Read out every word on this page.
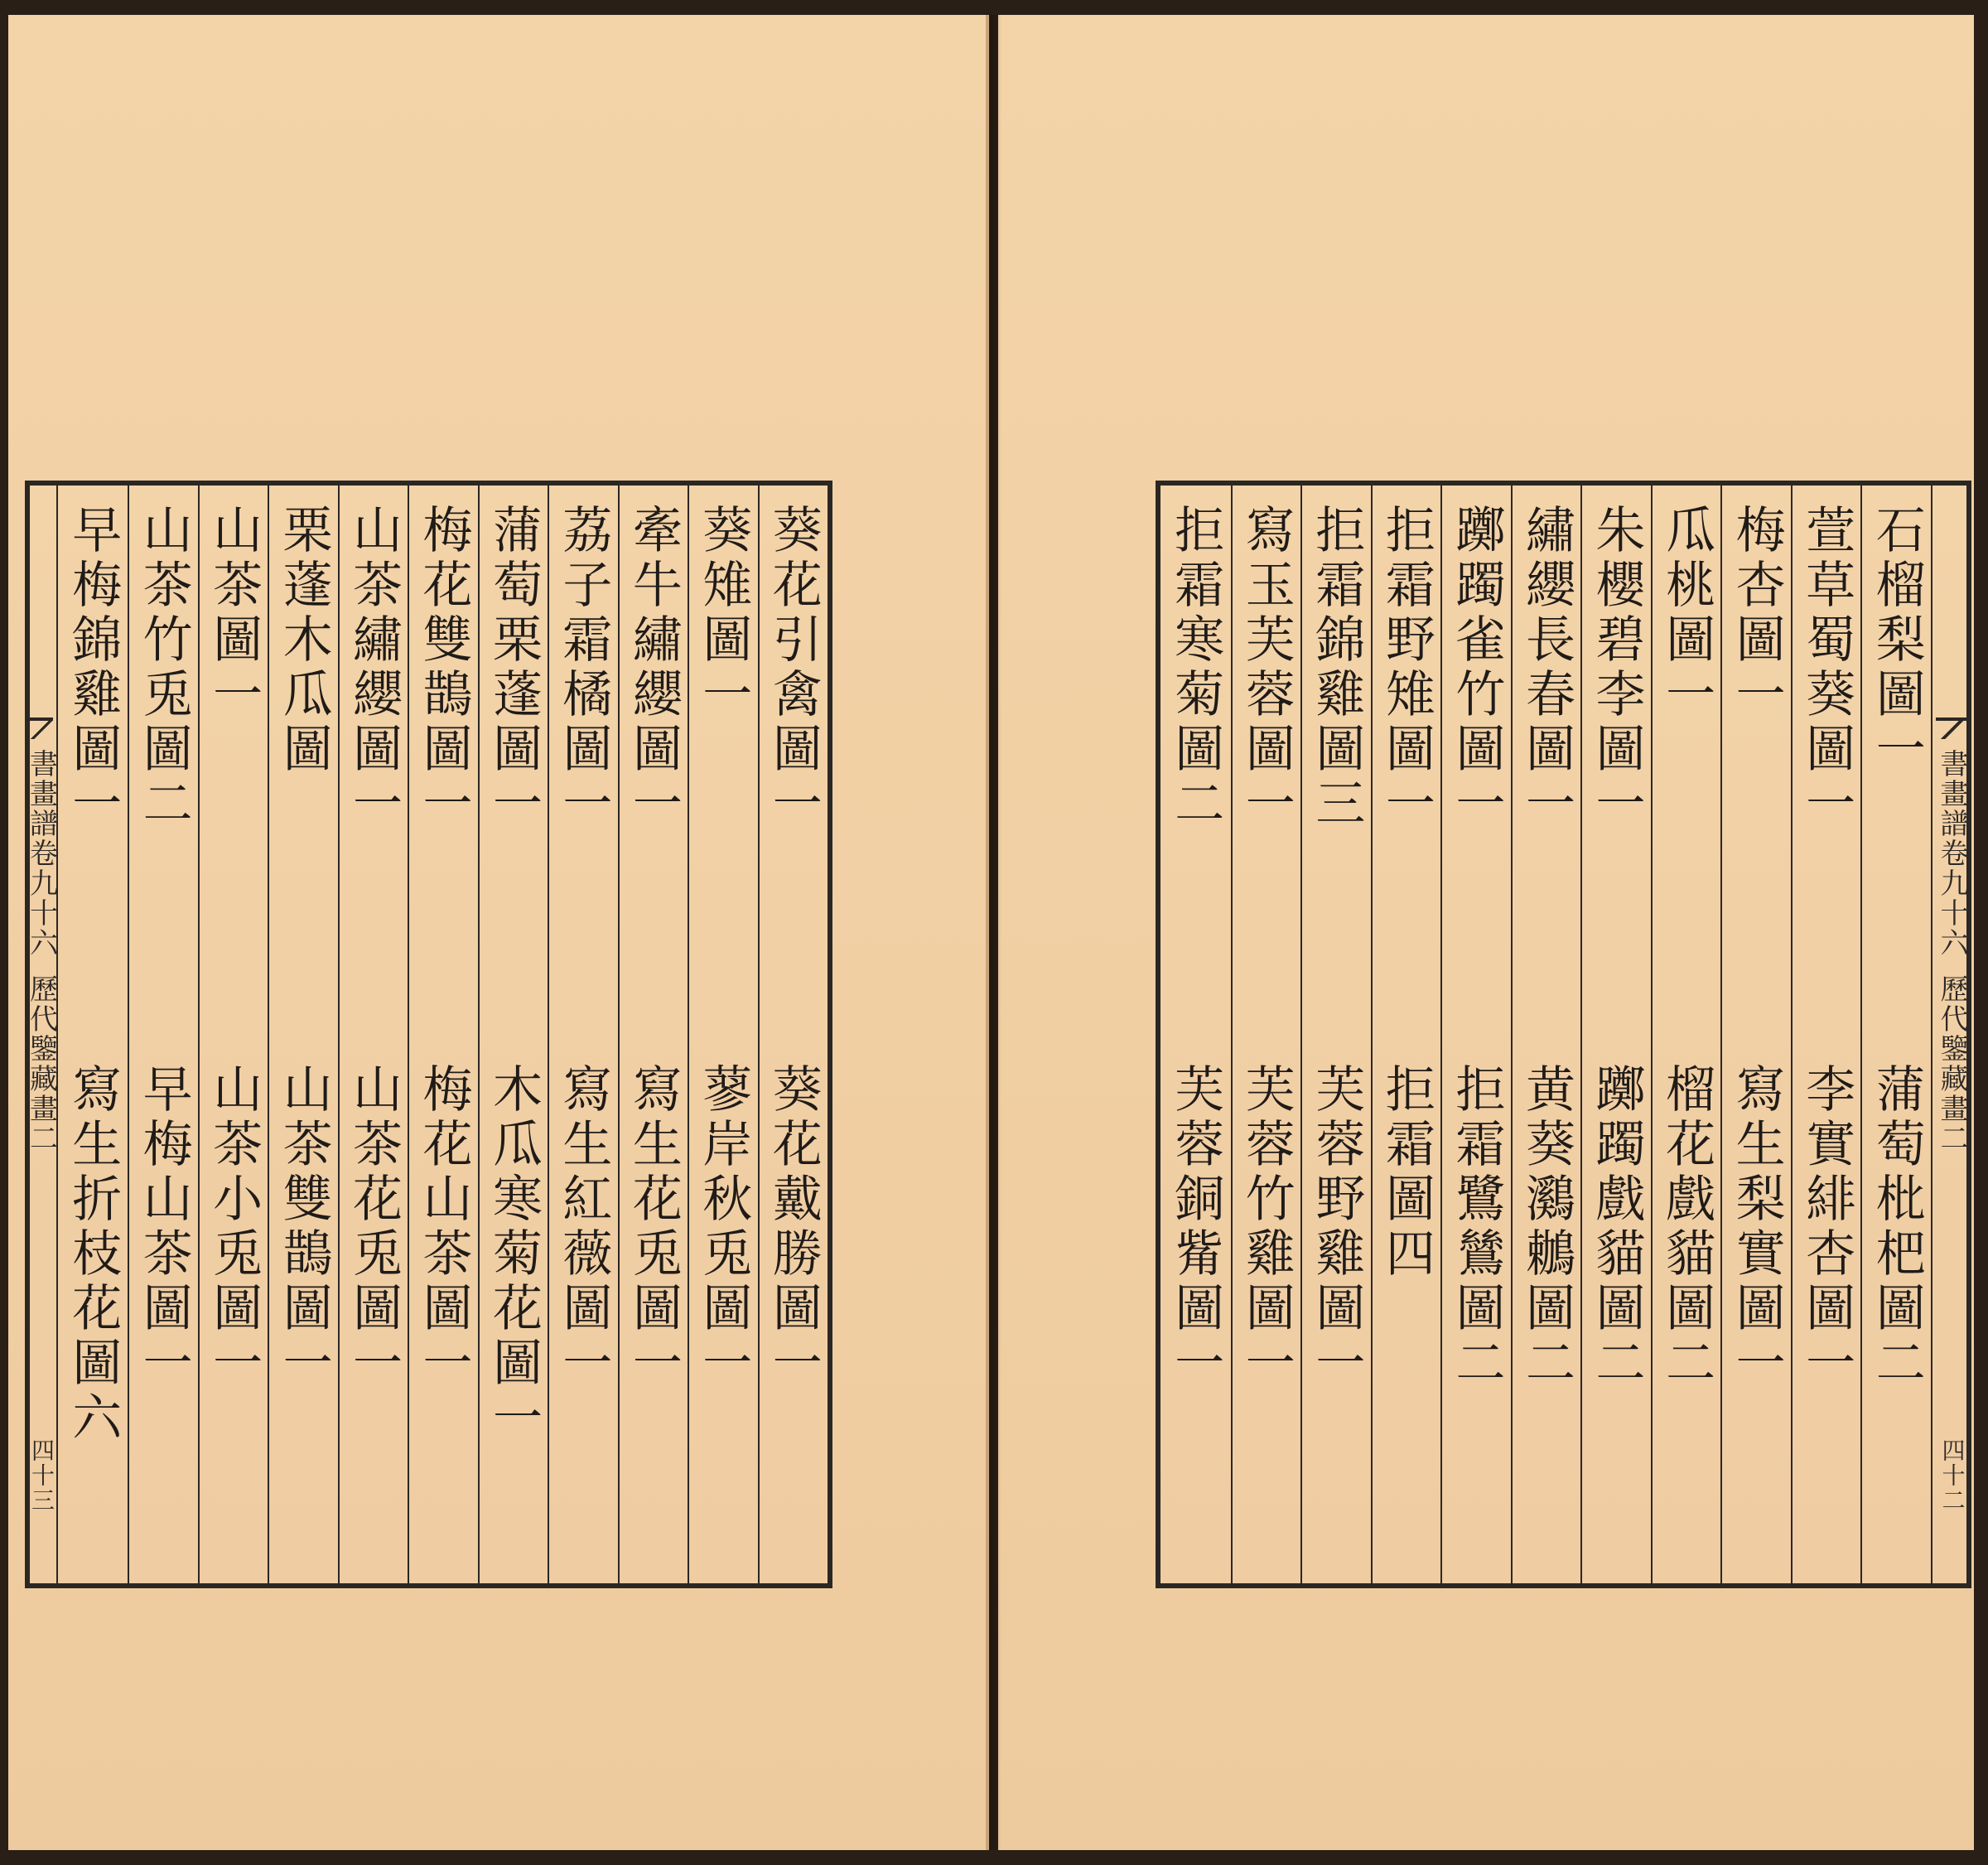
書畫譜卷九十六
歷代鑒藏畫二
四十三
葵花引禽圖一
葵花戴勝圖一
葵雉圖一
蓼岸秋兎圖一
牽牛繡纓圖一
寫生花兎圖一
荔子霜橘圖一
寫生紅薇圖一
蒲萄栗蓬圖一
木瓜寒菊花圖一
梅花雙鵲圖一
梅花山茶圖一
山茶繡纓圖一
山茶花兎圖一
栗蓬木瓜圖
山茶雙鵲圖一
山茶圖一
山茶小兎圖一
山茶竹兎圖二
早梅山茶圖一
早梅錦雞圖一
寫生折枝花圖六
石榴梨圖一
蒲萄枇杷圖二
萱草蜀葵圖一
李實緋杏圖一
梅杏圖一
寫生梨實圖一
瓜桃圖一
榴花戲貓圖二
朱櫻碧李圖一
躑躅戲貓圖二
繡纓長春圖一
黄葵鸂鶒圖二
躑躅雀竹圖一
拒霜鷺鷥圖二
拒霜野雉圖一
拒霜圖四
拒霜錦雞圖三
芙蓉野雞圖一
寫玉芙蓉圖一
芙蓉竹雞圖一
拒霜寒菊圖二
芙蓉銅觜圖一
書畫譜卷九十六
歷代鑒藏畫二
四十二
